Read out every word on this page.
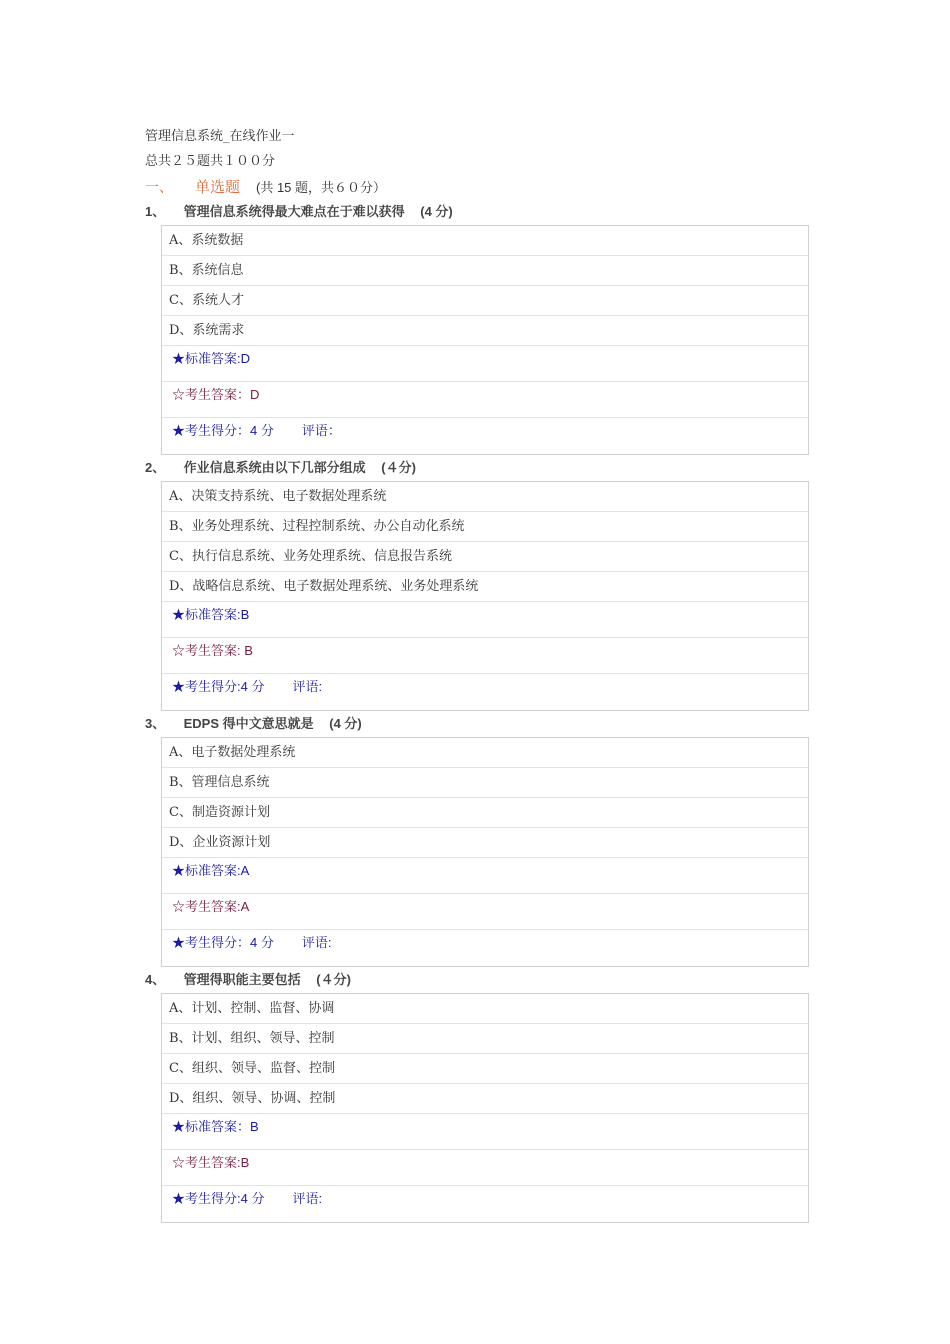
管理信息系统_在线作业一
总共２５题共１００分
一、 单选题 (共 15 题，共６０分）
1、 管理信息系统得最大难点在于难以获得 (4 分)
A、系统数据
B、系统信息
C、系统人才
D、系统需求
★标准答案:D
☆考生答案：D
★考生得分：4 分 评语：
2、 作业信息系统由以下几部分组成 (４分)
A、决策支持系统、电子数据处理系统
B、业务处理系统、过程控制系统、办公自动化系统
C、执行信息系统、业务处理系统、信息报告系统
D、战略信息系统、电子数据处理系统、业务处理系统
★标准答案:B
☆考生答案: B
★考生得分:4 分 评语:
3、 EDPS 得中文意思就是 (4 分)
A、电子数据处理系统
B、管理信息系统
C、制造资源计划
D、企业资源计划
★标准答案:A
☆考生答案:A
★考生得分：4 分 评语:
4、 管理得职能主要包括 (４分)
A、计划、控制、监督、协调
B、计划、组织、领导、控制
C、组织、领导、监督、控制
D、组织、领导、协调、控制
★标准答案：B
☆考生答案:B
★考生得分:4 分 评语:
